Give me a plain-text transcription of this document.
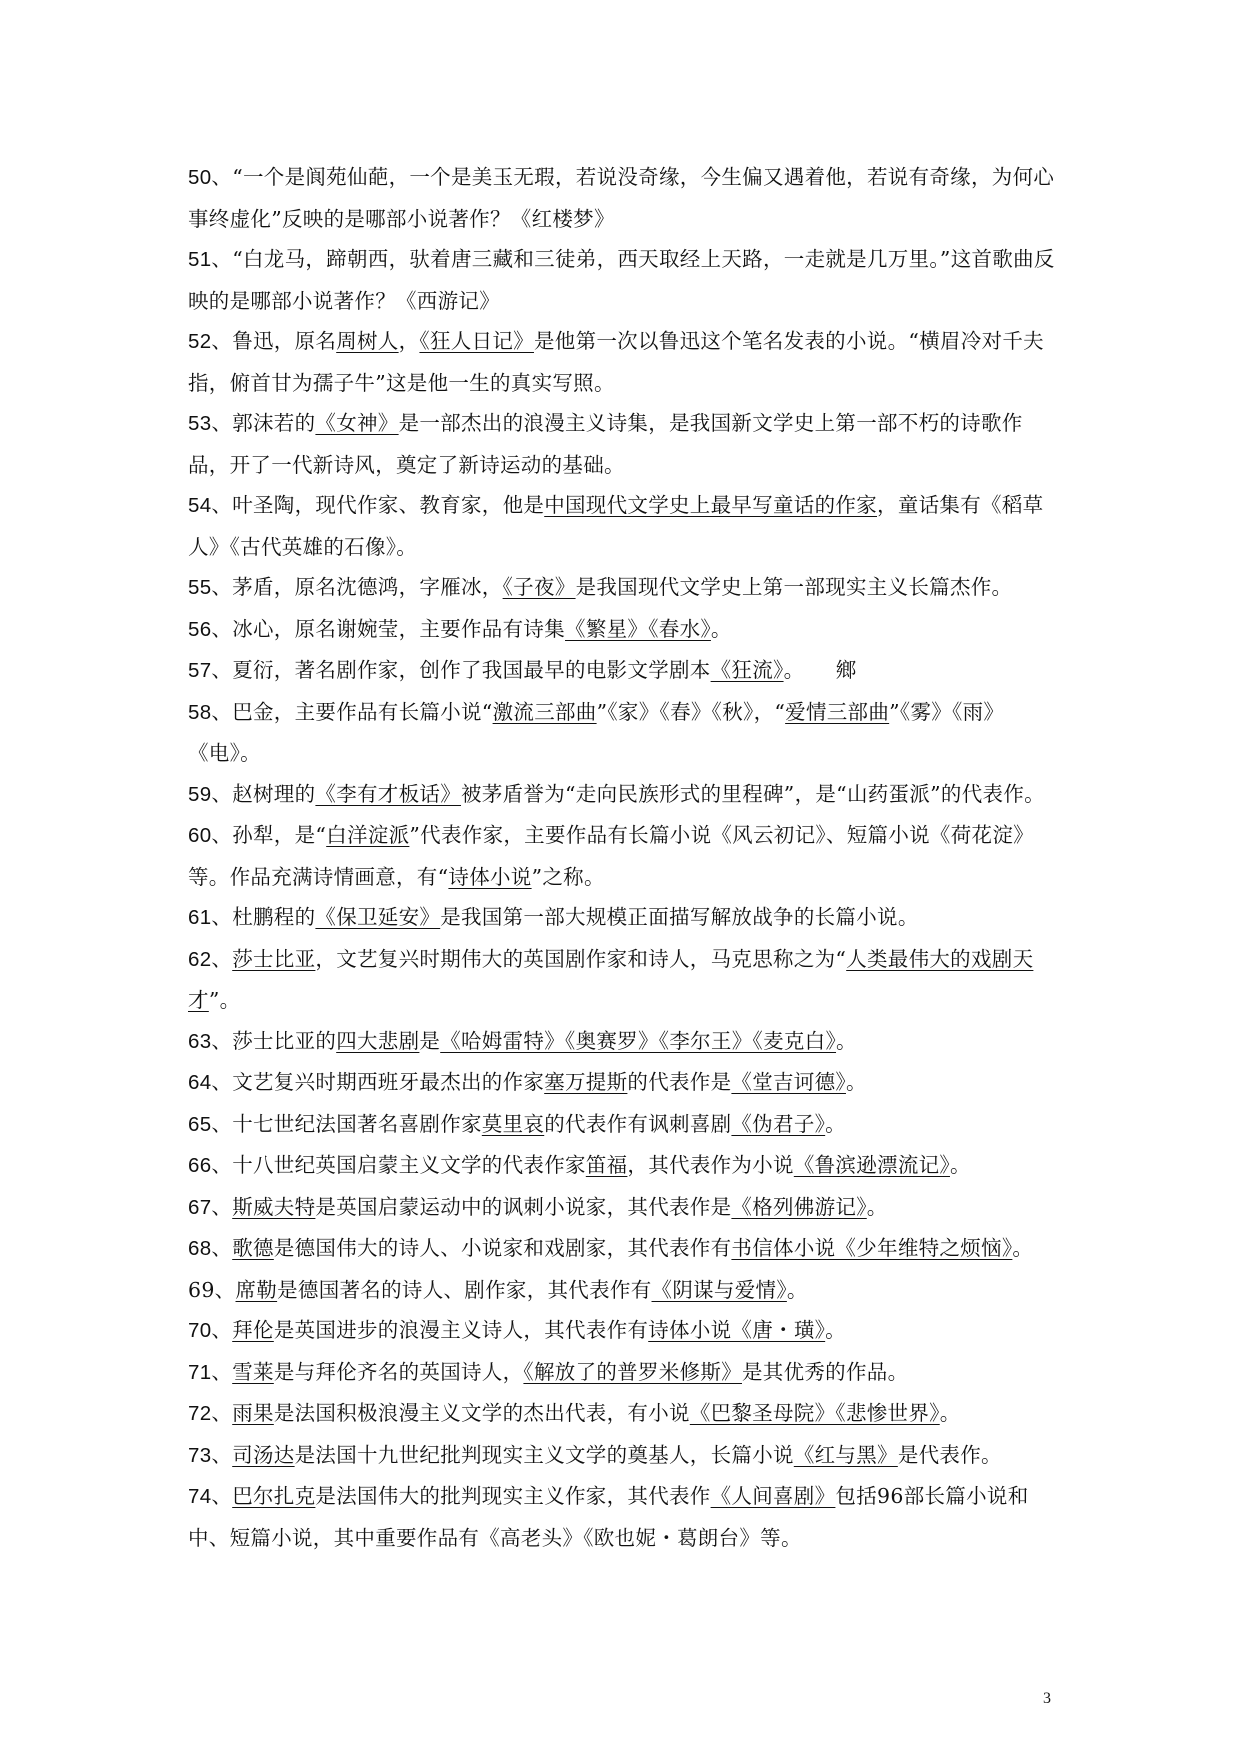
50、“一个是阆苑仙葩，一个是美玉无瑕，若说没奇缘，今生偏又遇着他，若说有奇缘，为何心事终虚化”反映的是哪部小说著作？《红楼梦》

51、“白龙马，蹄朝西，驮着唐三藏和三徒弟，西天取经上天路，一走就是几万里。”这首歌曲反映的是哪部小说著作？《西游记》

52、鲁迅，原名周树人，《狂人日记》是他第一次以鲁迅这个笔名发表的小说。“横眉冷对千夫指，俯首甘为孺子牛”这是他一生的真实写照。

53、郭沫若的《女神》是一部杰出的浪漫主义诗集，是我国新文学史上第一部不朽的诗歌作品，开了一代新诗风，奠定了新诗运动的基础。

54、叶圣陶，现代作家、教育家，他是中国现代文学史上最早写童话的作家，童话集有《稻草人》《古代英雄的石像》。

55、茅盾，原名沈德鸿，字雁冰，《子夜》是我国现代文学史上第一部现实主义长篇杰作。

56、冰心，原名谢婉莹，主要作品有诗集《繁星》《春水》。

57、夏衍，著名剧作家，创作了我国最早的电影文学剧本《狂流》。　　鄉

58、巴金，主要作品有长篇小说“激流三部曲”《家》《春》《秋》，“爱情三部曲”《雾》《雨》《电》。

59、赵树理的《李有才板话》被茅盾誉为“走向民族形式的里程碑”，是“山药蛋派”的代表作。

60、孙犁，是“白洋淀派”代表作家，主要作品有长篇小说《风云初记》、短篇小说《荷花淀》等。作品充满诗情画意，有“诗体小说”之称。

61、杜鹏程的《保卫延安》是我国第一部大规模正面描写解放战争的长篇小说。

62、莎士比亚，文艺复兴时期伟大的英国剧作家和诗人，马克思称之为“人类最伟大的戏剧天才”。

63、莎士比亚的四大悲剧是《哈姆雷特》《奥赛罗》《李尔王》《麦克白》。

64、文艺复兴时期西班牙最杰出的作家塞万提斯的代表作是《堂吉诃德》。

65、十七世纪法国著名喜剧作家莫里哀的代表作有讽刺喜剧《伪君子》。

66、十八世纪英国启蒙主义文学的代表作家笛福，其代表作为小说《鲁滨逊漂流记》。

67、斯威夫特是英国启蒙运动中的讽刺小说家，其代表作是《格列佛游记》。

68、歌德是德国伟大的诗人、小说家和戏剧家，其代表作有书信体小说《少年维特之烦恼》。　 69、席勒是德国著名的诗人、剧作家，其代表作有《阴谋与爱情》。

70、拜伦是英国进步的浪漫主义诗人，其代表作有诗体小说《唐・璜》。

71、雪莱是与拜伦齐名的英国诗人，《解放了的普罗米修斯》是其优秀的作品。

72、雨果是法国积极浪漫主义文学的杰出代表，有小说《巴黎圣母院》《悲惨世界》。

73、司汤达是法国十九世纪批判现实主义文学的奠基人，长篇小说《红与黑》是代表作。

74、巴尔扎克是法国伟大的批判现实主义作家，其代表作《人间喜剧》包括96部长篇小说和中、短篇小说，其中重要作品有《高老头》《欧也妮・葛朗台》等。

3
